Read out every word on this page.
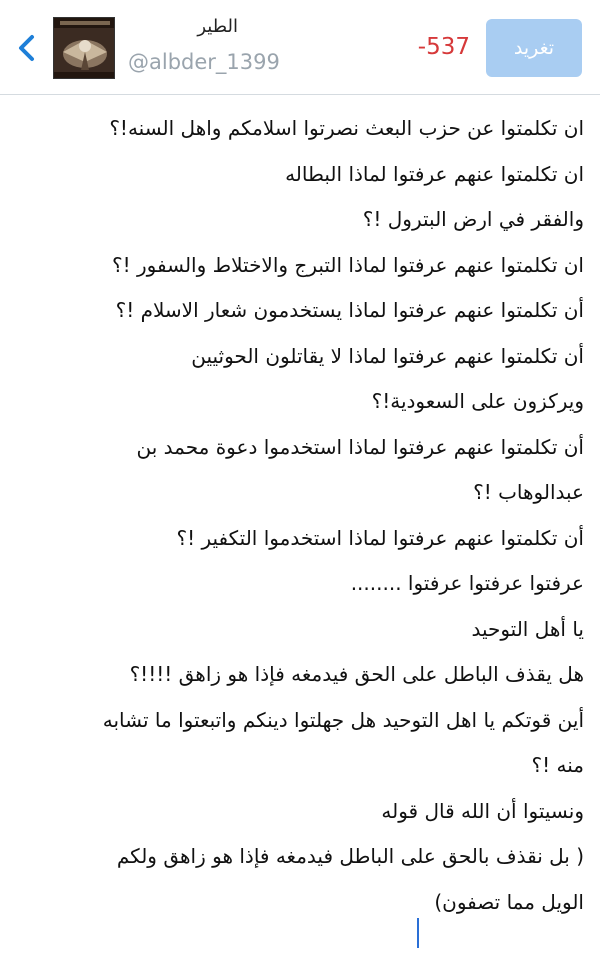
تغريد
-537
الطير
@albder_1399
ان تكلمتوا عن حزب البعث نصرتوا اسلامكم واهل السنه!؟
ان تكلمتوا عنهم عرفتوا لماذا البطاله
والفقر في ارض البترول !؟
ان تكلمتوا عنهم عرفتوا لماذا التبرج والاختلاط والسفور !؟
أن تكلمتوا عنهم عرفتوا لماذا يستخدمون شعار الاسلام !؟
أن تكلمتوا عنهم عرفتوا لماذا لا يقاتلون الحوثيين
ويركزون على السعودية!؟
أن تكلمتوا عنهم عرفتوا لماذا استخدموا دعوة محمد بن
عبدالوهاب !؟
أن تكلمتوا عنهم عرفتوا لماذا استخدموا التكفير !؟
عرفتوا عرفتوا عرفتوا ........
يا أهل التوحيد
هل يقذف الباطل على الحق فيدمغه فإذا هو زاهق !!!!؟
أين قوتكم يا اهل التوحيد هل جهلتوا دينكم واتبعتوا ما تشابه
منه !؟
ونسيتوا أن الله قال قوله
( بل نقذف بالحق على الباطل فيدمغه فإذا هو زاهق ولكم
الويل مما تصفون)
